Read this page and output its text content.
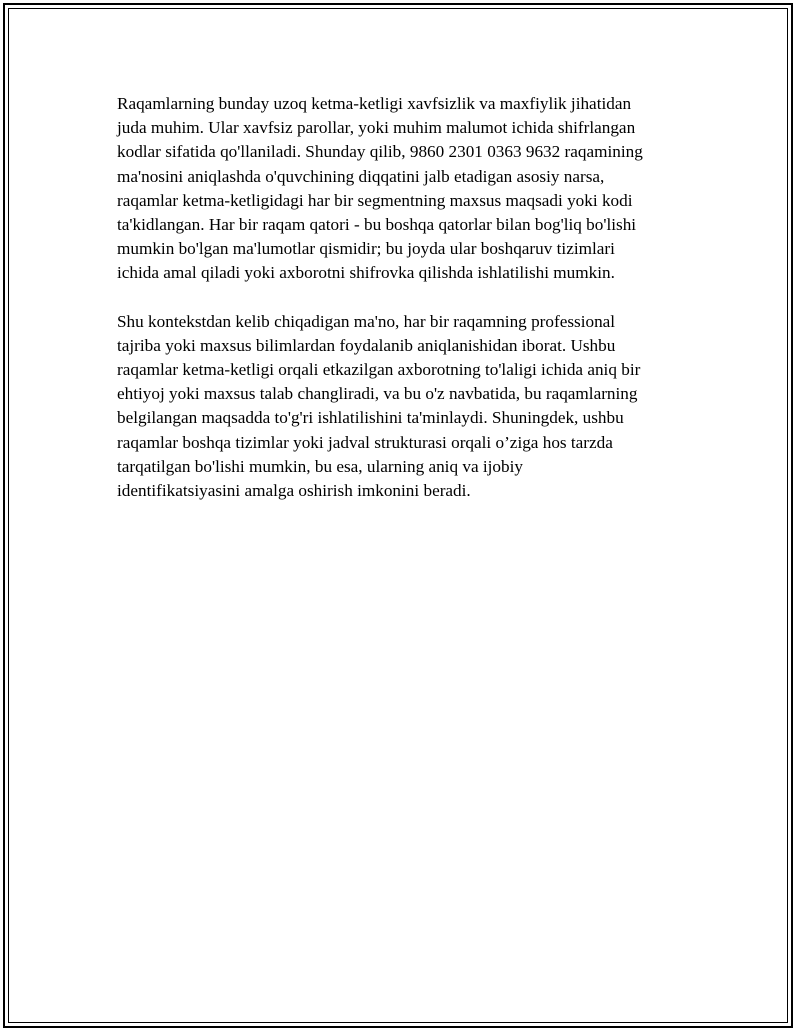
Raqamlarning bunday uzoq ketma-ketligi xavfsizlik va maxfiylik jihatidan
juda muhim. Ular xavfsiz parollar, yoki muhim malumot ichida shifrlangan
kodlar sifatida qo'llaniladi. Shunday qilib, 9860 2301 0363 9632 raqamining
ma'nosini aniqlashda o'quvchining diqqatini jalb etadigan asosiy narsa,
raqamlar ketma-ketligidagi har bir segmentning maxsus maqsadi yoki kodi
ta'kidlangan. Har bir raqam qatori - bu boshqa qatorlar bilan bog'liq bo'lishi
mumkin bo'lgan ma'lumotlar qismidir; bu joyda ular boshqaruv tizimlari
ichida amal qiladi yoki axborotni shifrovka qilishda ishlatilishi mumkin.

Shu kontekstdan kelib chiqadigan ma'no, har bir raqamning professional
tajriba yoki maxsus bilimlardan foydalanib aniqlanishidan iborat. Ushbu
raqamlar ketma-ketligi orqali etkazilgan axborotning to'laligi ichida aniq bir
ehtiyoj yoki maxsus talab changliradi, va bu o'z navbatida, bu raqamlarning
belgilangan maqsadda to'g'ri ishlatilishini ta'minlaydi. Shuningdek, ushbu
raqamlar boshqa tizimlar yoki jadval strukturasi orqali o’ziga hos tarzda
tarqatilgan bo'lishi mumkin, bu esa, ularning aniq va ijobiy
identifikatsiyasini amalga oshirish imkonini beradi.
